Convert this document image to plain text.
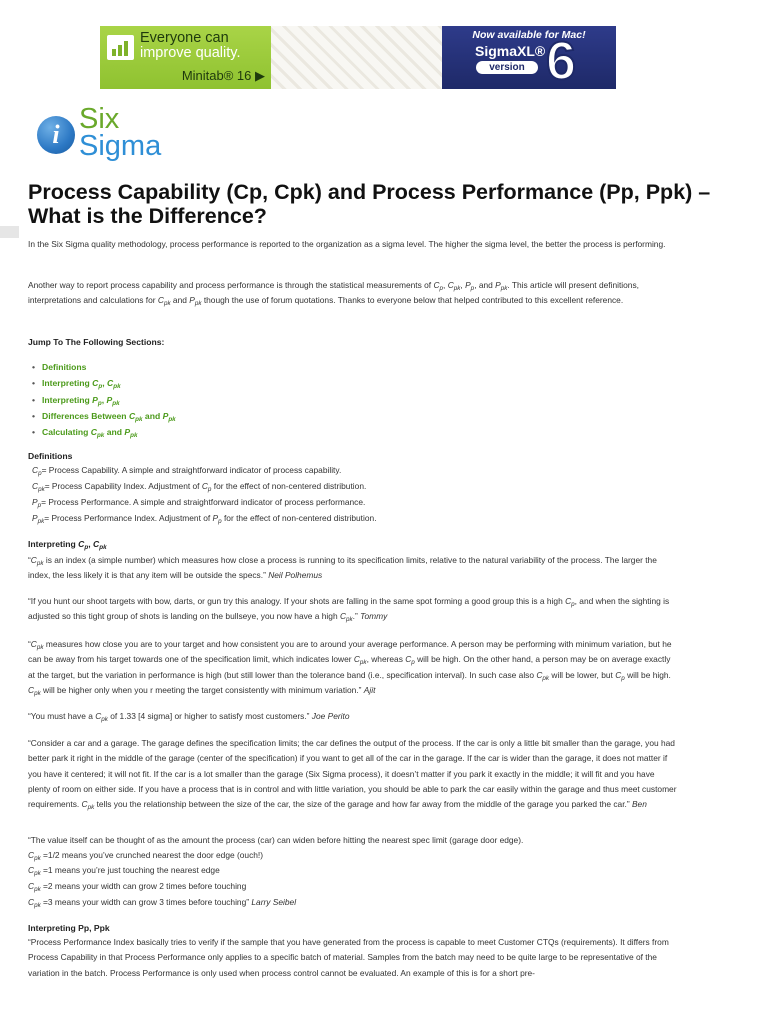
Everyone can
improve quality.
Minitab® 16 ▶

Now available for Mac!
SigmaXL®
version 6
i Six
Sigma
Process Capability (Cp, Cpk) and Process Performance (Pp, Ppk) – What is the Difference?

In the Six Sigma quality methodology, process performance is reported to the organization as a sigma level. The higher the sigma level, the better the process is performing.

Another way to report process capability and process performance is through the statistical measurements of $C_p$, $C_{pk}$, $P_p$, and $P_{pk}$. This article will present definitions, interpretations and calculations for $C_{pk}$ and $P_{pk}$ though the use of forum quotations. Thanks to everyone below that helped contributed to this excellent reference.

Jump To The Following Sections:

• Definitions
• Interpreting $C_p$, $C_{pk}$
• Interpreting $P_p$, $P_{pk}$
• Differences Between $C_{pk}$ and $P_{pk}$
• Calculating $C_{pk}$ and $P_{pk}$

Definitions

$C_p=$ Process Capability. A simple and straightforward indicator of process capability.

$C_{pk}=$ Process Capability Index. Adjustment of $C_p$ for the effect of non-centered distribution.

$P_p=$ Process Performance. A simple and straightforward indicator of process performance.

$P_{pk}=$ Process Performance Index. Adjustment of $P_p$ for the effect of non-centered distribution.

Interpreting $C_p$, $C_{pk}$

“$C_{pk}$ is an index (a simple number) which measures how close a process is running to its specification limits, relative to the natural variability of the process. The larger the index, the less likely it is that any item will be outside the specs.” Neil Polhemus

“If you hunt our shoot targets with bow, darts, or gun try this analogy. If your shots are falling in the same spot forming a good group this is a high $C_p$, and when the sighting is adjusted so this tight group of shots is landing on the bullseye, you now have a high $C_{pk}$.” Tommy

“$C_{pk}$ measures how close you are to your target and how consistent you are to around your average performance. A person may be performing with minimum variation, but he can be away from his target towards one of the specification limit, which indicates lower $C_{pk}$, whereas $C_p$ will be high. On the other hand, a person may be on average exactly at the target, but the variation in performance is high (but still lower than the tolerance band (i.e., specification interval). In such case also $C_{pk}$ will be lower, but $C_p$ will be high. $C_{pk}$ will be higher only when you r meeting the target consistently with minimum variation.” Ajit

“You must have a $C_{pk}$ of 1.33 [4 sigma] or higher to satisfy most customers.” Joe Perito

“Consider a car and a garage. The garage defines the specification limits; the car defines the output of the process. If the car is only a little bit smaller than the garage, you had better park it right in the middle of the garage (center of the specification) if you want to get all of the car in the garage. If the car is wider than the garage, it does not matter if you have it centered; it will not fit. If the car is a lot smaller than the garage (Six Sigma process), it doesn’t matter if you park it exactly in the middle; it will fit and you have plenty of room on either side. If you have a process that is in control and with little variation, you should be able to park the car easily within the garage and thus meet customer requirements. $C_{pk}$ tells you the relationship between the size of the car, the size of the garage and how far away from the middle of the garage you parked the car.” Ben

“The value itself can be thought of as the amount the process (car) can widen before hitting the nearest spec limit (garage door edge).

$C_{pk} =1/2$ means you’ve crunched nearest the door edge (ouch!)

$C_{pk} =1$ means you’re just touching the nearest edge

$C_{pk} =2$ means your width can grow 2 times before touching

$C_{pk} =3$ means your width can grow 3 times before touching” Larry Seibel

Interpreting Pp, Ppk

“Process Performance Index basically tries to verify if the sample that you have generated from the process is capable to meet Customer CTQs (requirements). It differs from Process Capability in that Process Performance only applies to a specific batch of material. Samples from the batch may need to be quite large to be representative of the variation in the batch. Process Performance is only used when process control cannot be evaluated. An example of this is for a short pre-
